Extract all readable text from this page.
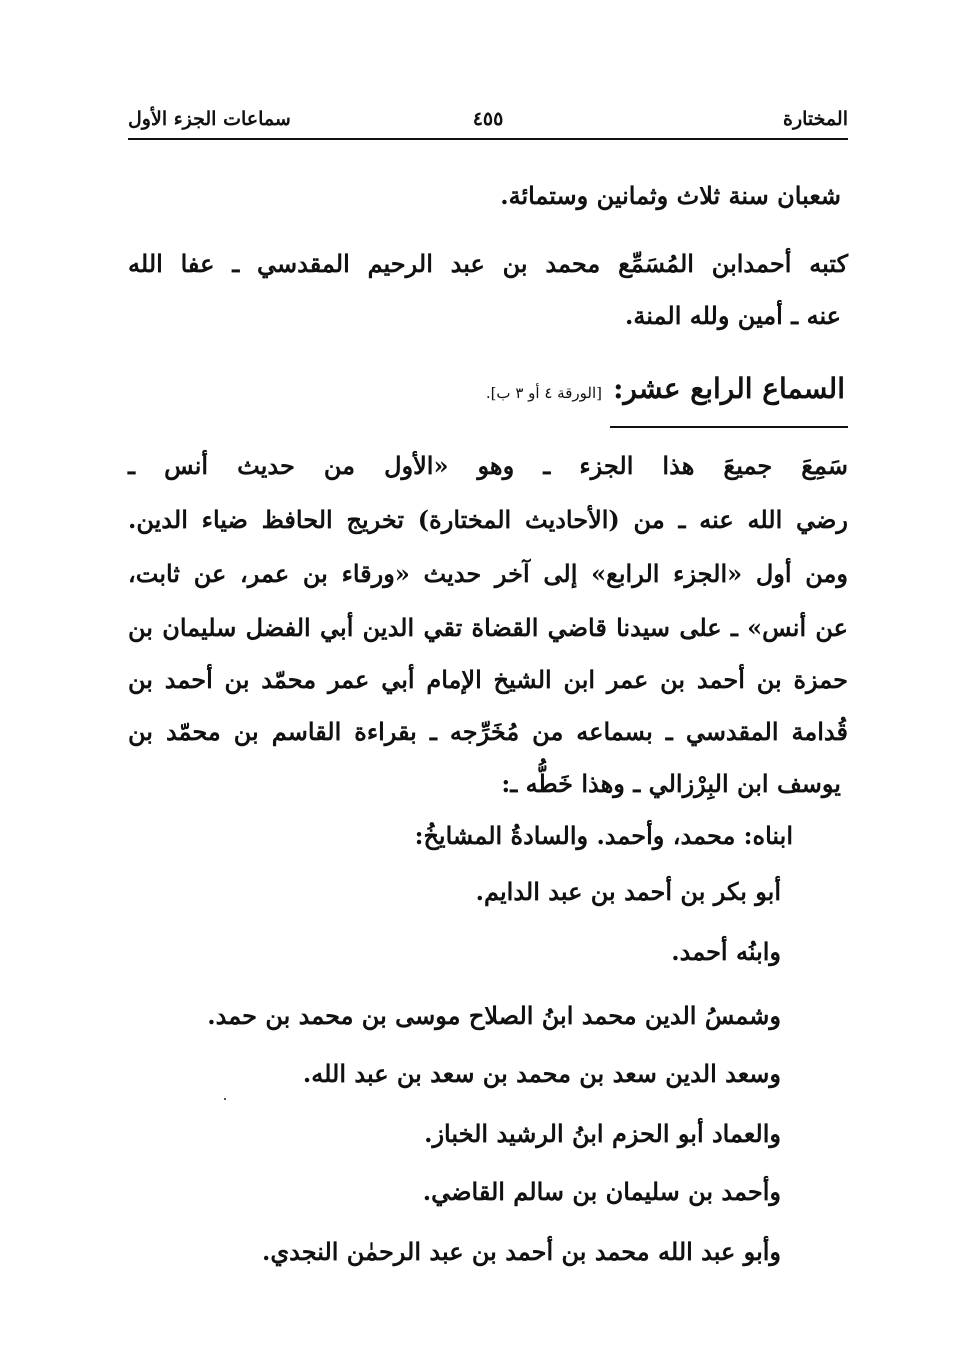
المختارة
٤٥٥
سماعات الجزء الأول
شعبان سنة ثلاث وثمانين وستمائة.
كتبه أحمدابن المُسَمِّع محمد بن عبد الرحيم المقدسي ـ عفا الله
عنه ـ أمين ولله المنة.
السماع الرابع عشر: [الورقة ٤ أو ٣ ب].
سَمِعَ جميعَ هذا الجزء ـ وهو «الأول من حديث أنس ـ
رضي الله عنه ـ من (الأحاديث المختارة) تخريج الحافظ ضياء الدين.
ومن أول «الجزء الرابع» إلى آخر حديث «ورقاء بن عمر، عن ثابت،
عن أنس» ـ على سيدنا قاضي القضاة تقي الدين أبي الفضل سليمان بن
حمزة بن أحمد بن عمر ابن الشيخ الإمام أبي عمر محمّد بن أحمد بن
قُدامة المقدسي ـ بسماعه من مُخَرِّجه ـ بقراءة القاسم بن محمّد بن
يوسف ابن البِرْزالي ـ وهذا خَطُّه ـ:
ابناه: محمد، وأحمد. والسادةُ المشايخُ:
أبو بكر بن أحمد بن عبد الدايم.
وابنُه أحمد.
وشمسُ الدين محمد ابنُ الصلاح موسى بن محمد بن حمد.
وسعد الدين سعد بن محمد بن سعد بن عبد الله.
والعماد أبو الحزم ابنُ الرشيد الخباز.
وأحمد بن سليمان بن سالم القاضي.
وأبو عبد الله محمد بن أحمد بن عبد الرحمٰن النجدي.
